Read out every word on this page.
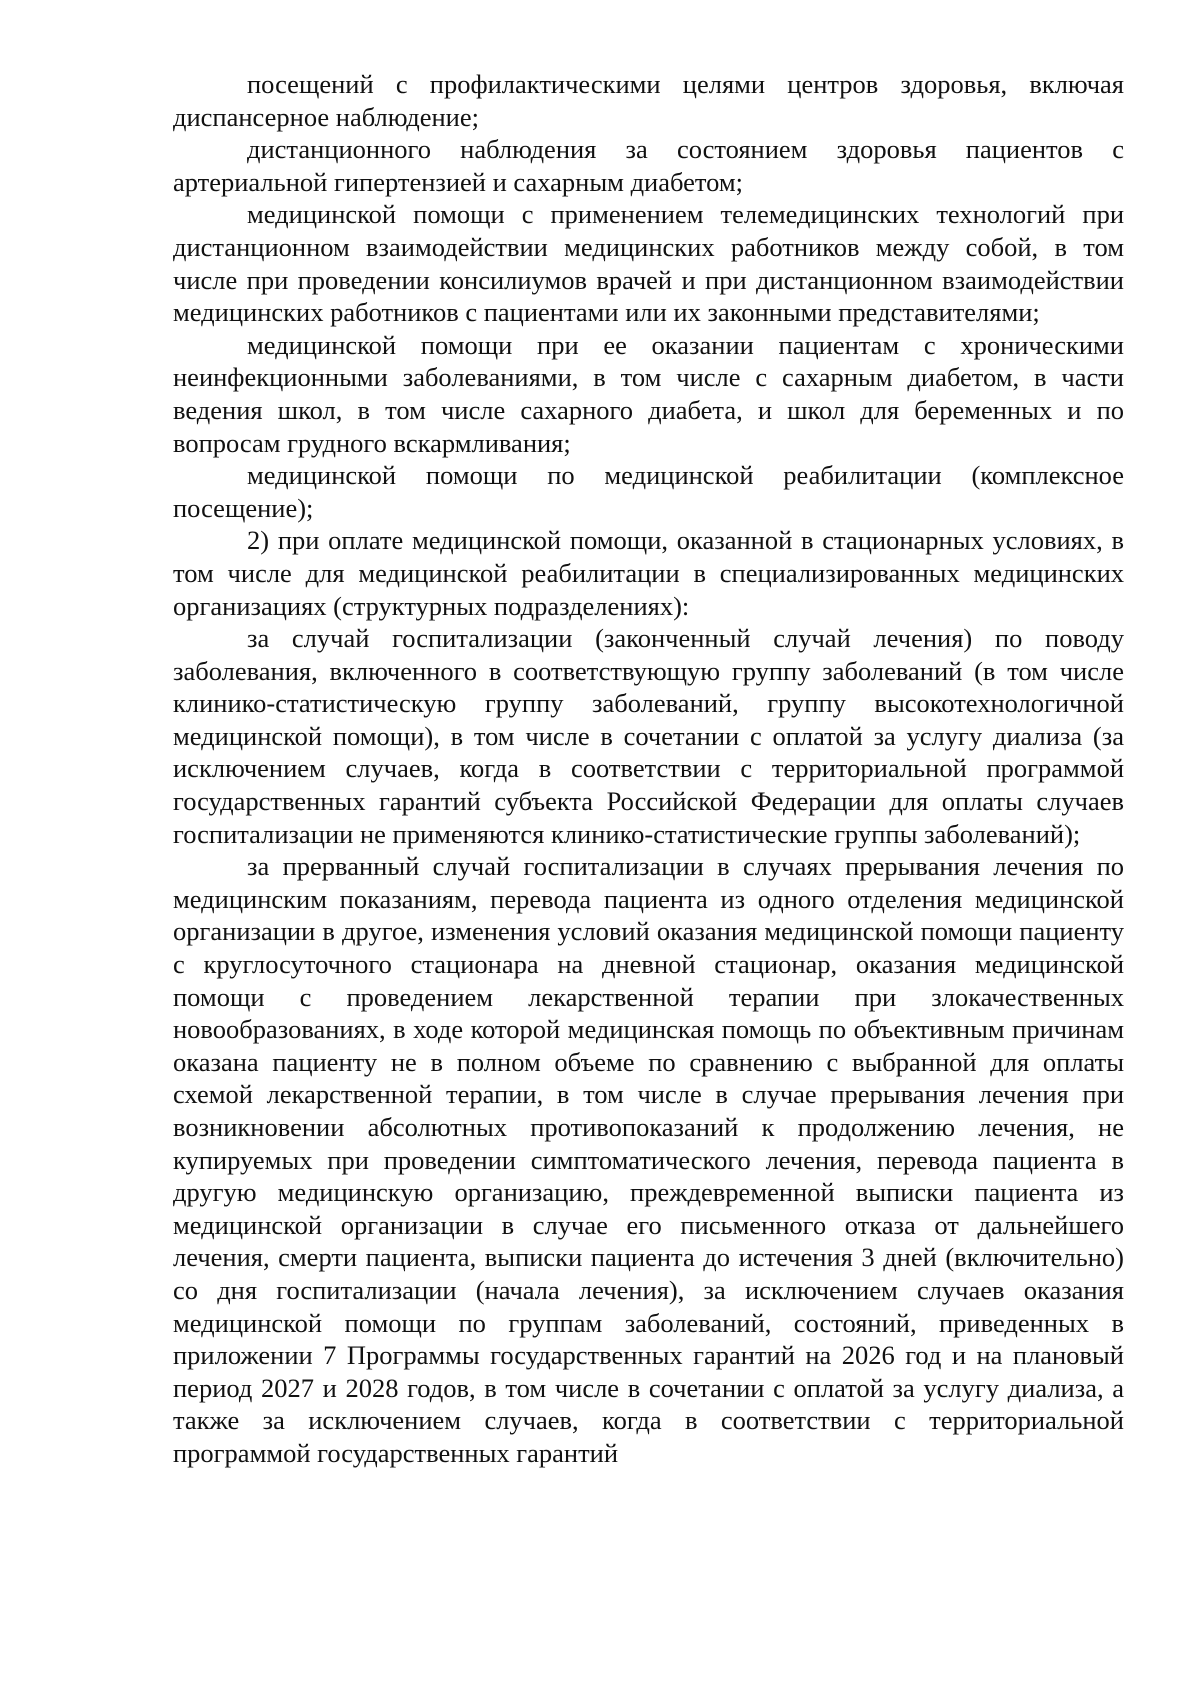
посещений с профилактическими целями центров здоровья, включая диспансерное наблюдение;

дистанционного наблюдения за состоянием здоровья пациентов с артериальной гипертензией и сахарным диабетом;

медицинской помощи с применением телемедицинских технологий при дистанционном взаимодействии медицинских работников между собой, в том числе при проведении консилиумов врачей и при дистанционном взаимодействии медицинских работников с пациентами или их законными представителями;

медицинской помощи при ее оказании пациентам с хроническими неинфекционными заболеваниями, в том числе с сахарным диабетом, в части ведения школ, в том числе сахарного диабета, и школ для беременных и по вопросам грудного вскармливания;

медицинской помощи по медицинской реабилитации (комплексное посещение);

2) при оплате медицинской помощи, оказанной в стационарных условиях, в том числе для медицинской реабилитации в специализированных медицинских организациях (структурных подразделениях):

за случай госпитализации (законченный случай лечения) по поводу заболевания, включенного в соответствующую группу заболеваний (в том числе клинико-статистическую группу заболеваний, группу высокотехнологичной медицинской помощи), в том числе в сочетании с оплатой за услугу диализа (за исключением случаев, когда в соответствии с территориальной программой государственных гарантий субъекта Российской Федерации для оплаты случаев госпитализации не применяются клинико-статистические группы заболеваний);

за прерванный случай госпитализации в случаях прерывания лечения по медицинским показаниям, перевода пациента из одного отделения медицинской организации в другое, изменения условий оказания медицинской помощи пациенту с круглосуточного стационара на дневной стационар, оказания медицинской помощи с проведением лекарственной терапии при злокачественных новообразованиях, в ходе которой медицинская помощь по объективным причинам оказана пациенту не в полном объеме по сравнению с выбранной для оплаты схемой лекарственной терапии, в том числе в случае прерывания лечения при возникновении абсолютных противопоказаний к продолжению лечения, не купируемых при проведении симптоматического лечения, перевода пациента в другую медицинскую организацию, преждевременной выписки пациента из медицинской организации в случае его письменного отказа от дальнейшего лечения, смерти пациента, выписки пациента до истечения 3 дней (включительно) со дня госпитализации (начала лечения), за исключением случаев оказания медицинской помощи по группам заболеваний, состояний, приведенных в приложении 7 Программы государственных гарантий на 2026 год и на плановый период 2027 и 2028 годов, в том числе в сочетании с оплатой за услугу диализа, а также за исключением случаев, когда в соответствии с территориальной программой государственных гарантий
